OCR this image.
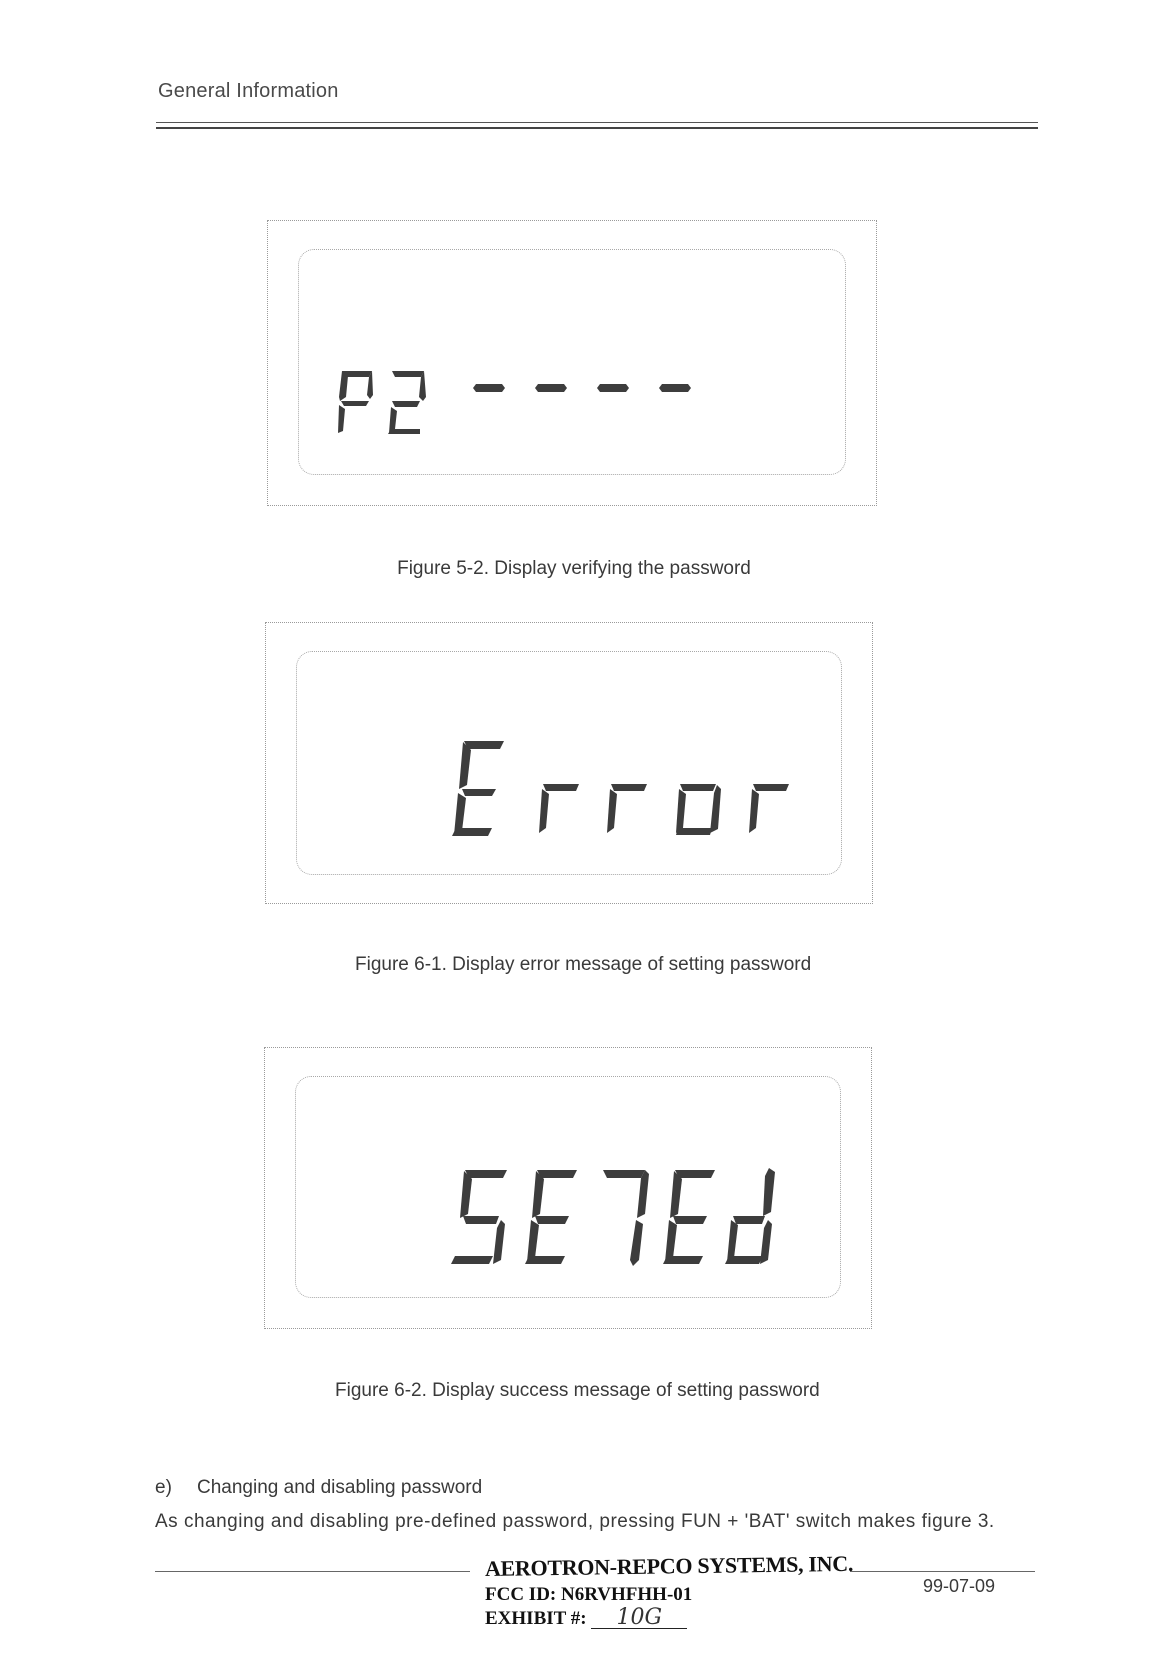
General Information
Figure 5-2. Display verifying the password
Figure 6-1. Display error message of setting password
Figure 6-2. Display success message of setting password
e) Changing and disabling password
As changing and disabling pre-defined password, pressing FUN + 'BAT' switch makes figure 3.
AEROTRON-REPCO SYSTEMS, INC.
FCC ID: N6RVHFHH-01
EXHIBIT #: 10G
99-07-09
